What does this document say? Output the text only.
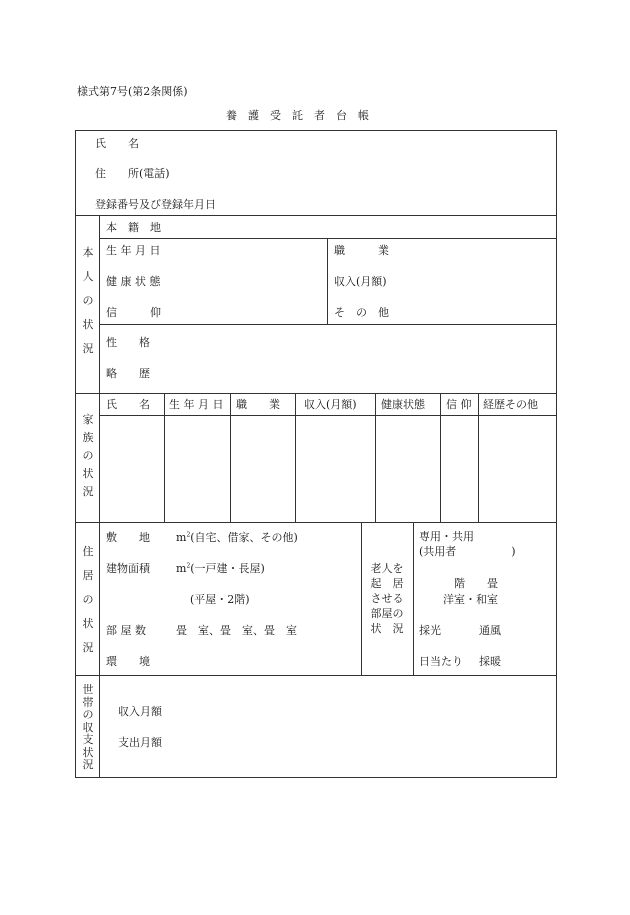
様式第7号(第2条関係)
養　護　受　託　者　台　帳
氏　　名
住　　所(電話)
登録番号及び登録年月日
本
人
の
状
況
本　籍　地
生 年 月 日
健 康 状 態
信　　　仰
職　　　業
収入(月額)
そ　の　他
性　　格
略　　歴
家
族
の
状
況
氏　　名 生 年 月 日 職　　業 収入(月額) 健康状態 信 仰 経歴その他
住
居
の
状
況
敷　　地 $m^2$(自宅、借家、その他)
建物面積 $m^2$(一戸建・長屋)
(平屋・2階)
部 屋 数	畳　室、畳　室、畳　室
環　　境
老人を
起　居
させる
部屋の
状　況
専用・共用
(共用者　　　　　)
階　　畳
洋室・和室
採光	通風
日当たり 採暖
世
帯
の
収
支
状
況
収入月額
支出月額
